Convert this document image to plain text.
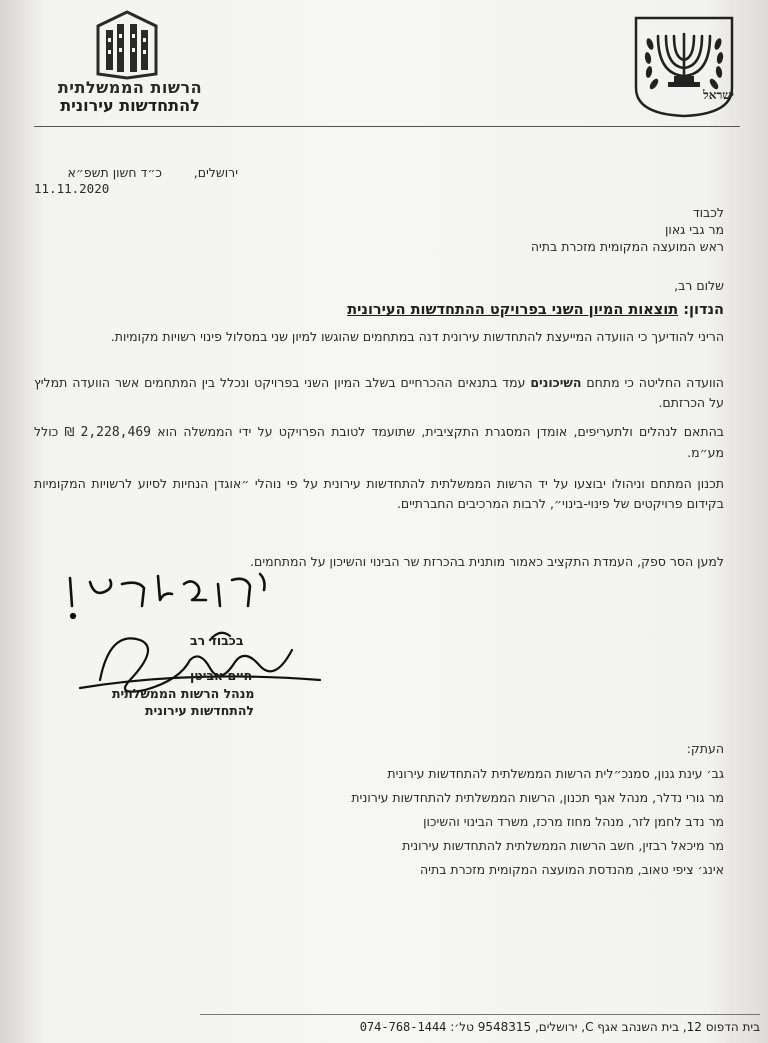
ישראל
הרשות הממשלתית
להתחדשות עירונית
ירושלים,
כ״ד חשון תשפ״א
11.11.2020
לכבוד
מר גבי גאון
ראש המועצה המקומית מזכרת בתיה
שלום רב,
הנדון: תוצאות המיון השני בפרויקט ההתחדשות העירונית
הריני להודיעך כי הוועדה המייעצת להתחדשות עירונית דנה במתחמים שהוגשו למיון שני במסלול פינוי רשויות מקומיות.
הוועדה החליטה כי מתחם השיכונים עמד בתנאים ההכרחיים בשלב המיון השני בפרויקט ונכלל בין המתחמים אשר הוועדה תמליץ על הכרזתם.
בהתאם לנהלים ולתעריפים, אומדן המסגרת התקציבית, שתועמד לטובת הפרויקט על ידי הממשלה הוא 2,228,469 ₪ כולל מע״מ.
תכנון המתחם וניהולו יבוצעו על יד הרשות הממשלתית להתחדשות עירונית על פי נוהלי ״אוגדן הנחיות לסיוע לרשויות המקומיות בקידום פרויקטים של פינוי-בינוי״, לרבות המרכיבים החברתיים.
למען הסר ספק, העמדת התקציב כאמור מותנית בהכרזת שר הבינוי והשיכון על המתחמים.
בכבוד רב
חיים אביטן
מנהל הרשות הממשלתית
להתחדשות עירונית
העתק:
גב׳ עינת גנון, סמנכ״לית הרשות הממשלתית להתחדשות עירונית
מר גורי נדלר, מנהל אגף תכנון, הרשות הממשלתית להתחדשות עירונית
מר נדב לחמן לזר, מנהל מחוז מרכז, משרד הבינוי והשיכון
מר מיכאל רבזין, חשב הרשות הממשלתית להתחדשות עירונית
אינג׳ ציפי טאוב, מהנדסת המועצה המקומית מזכרת בתיה
בית הדפוס 12, בית השנהב אגף C, ירושלים, 9548315 טל׳: 074-768-1444
